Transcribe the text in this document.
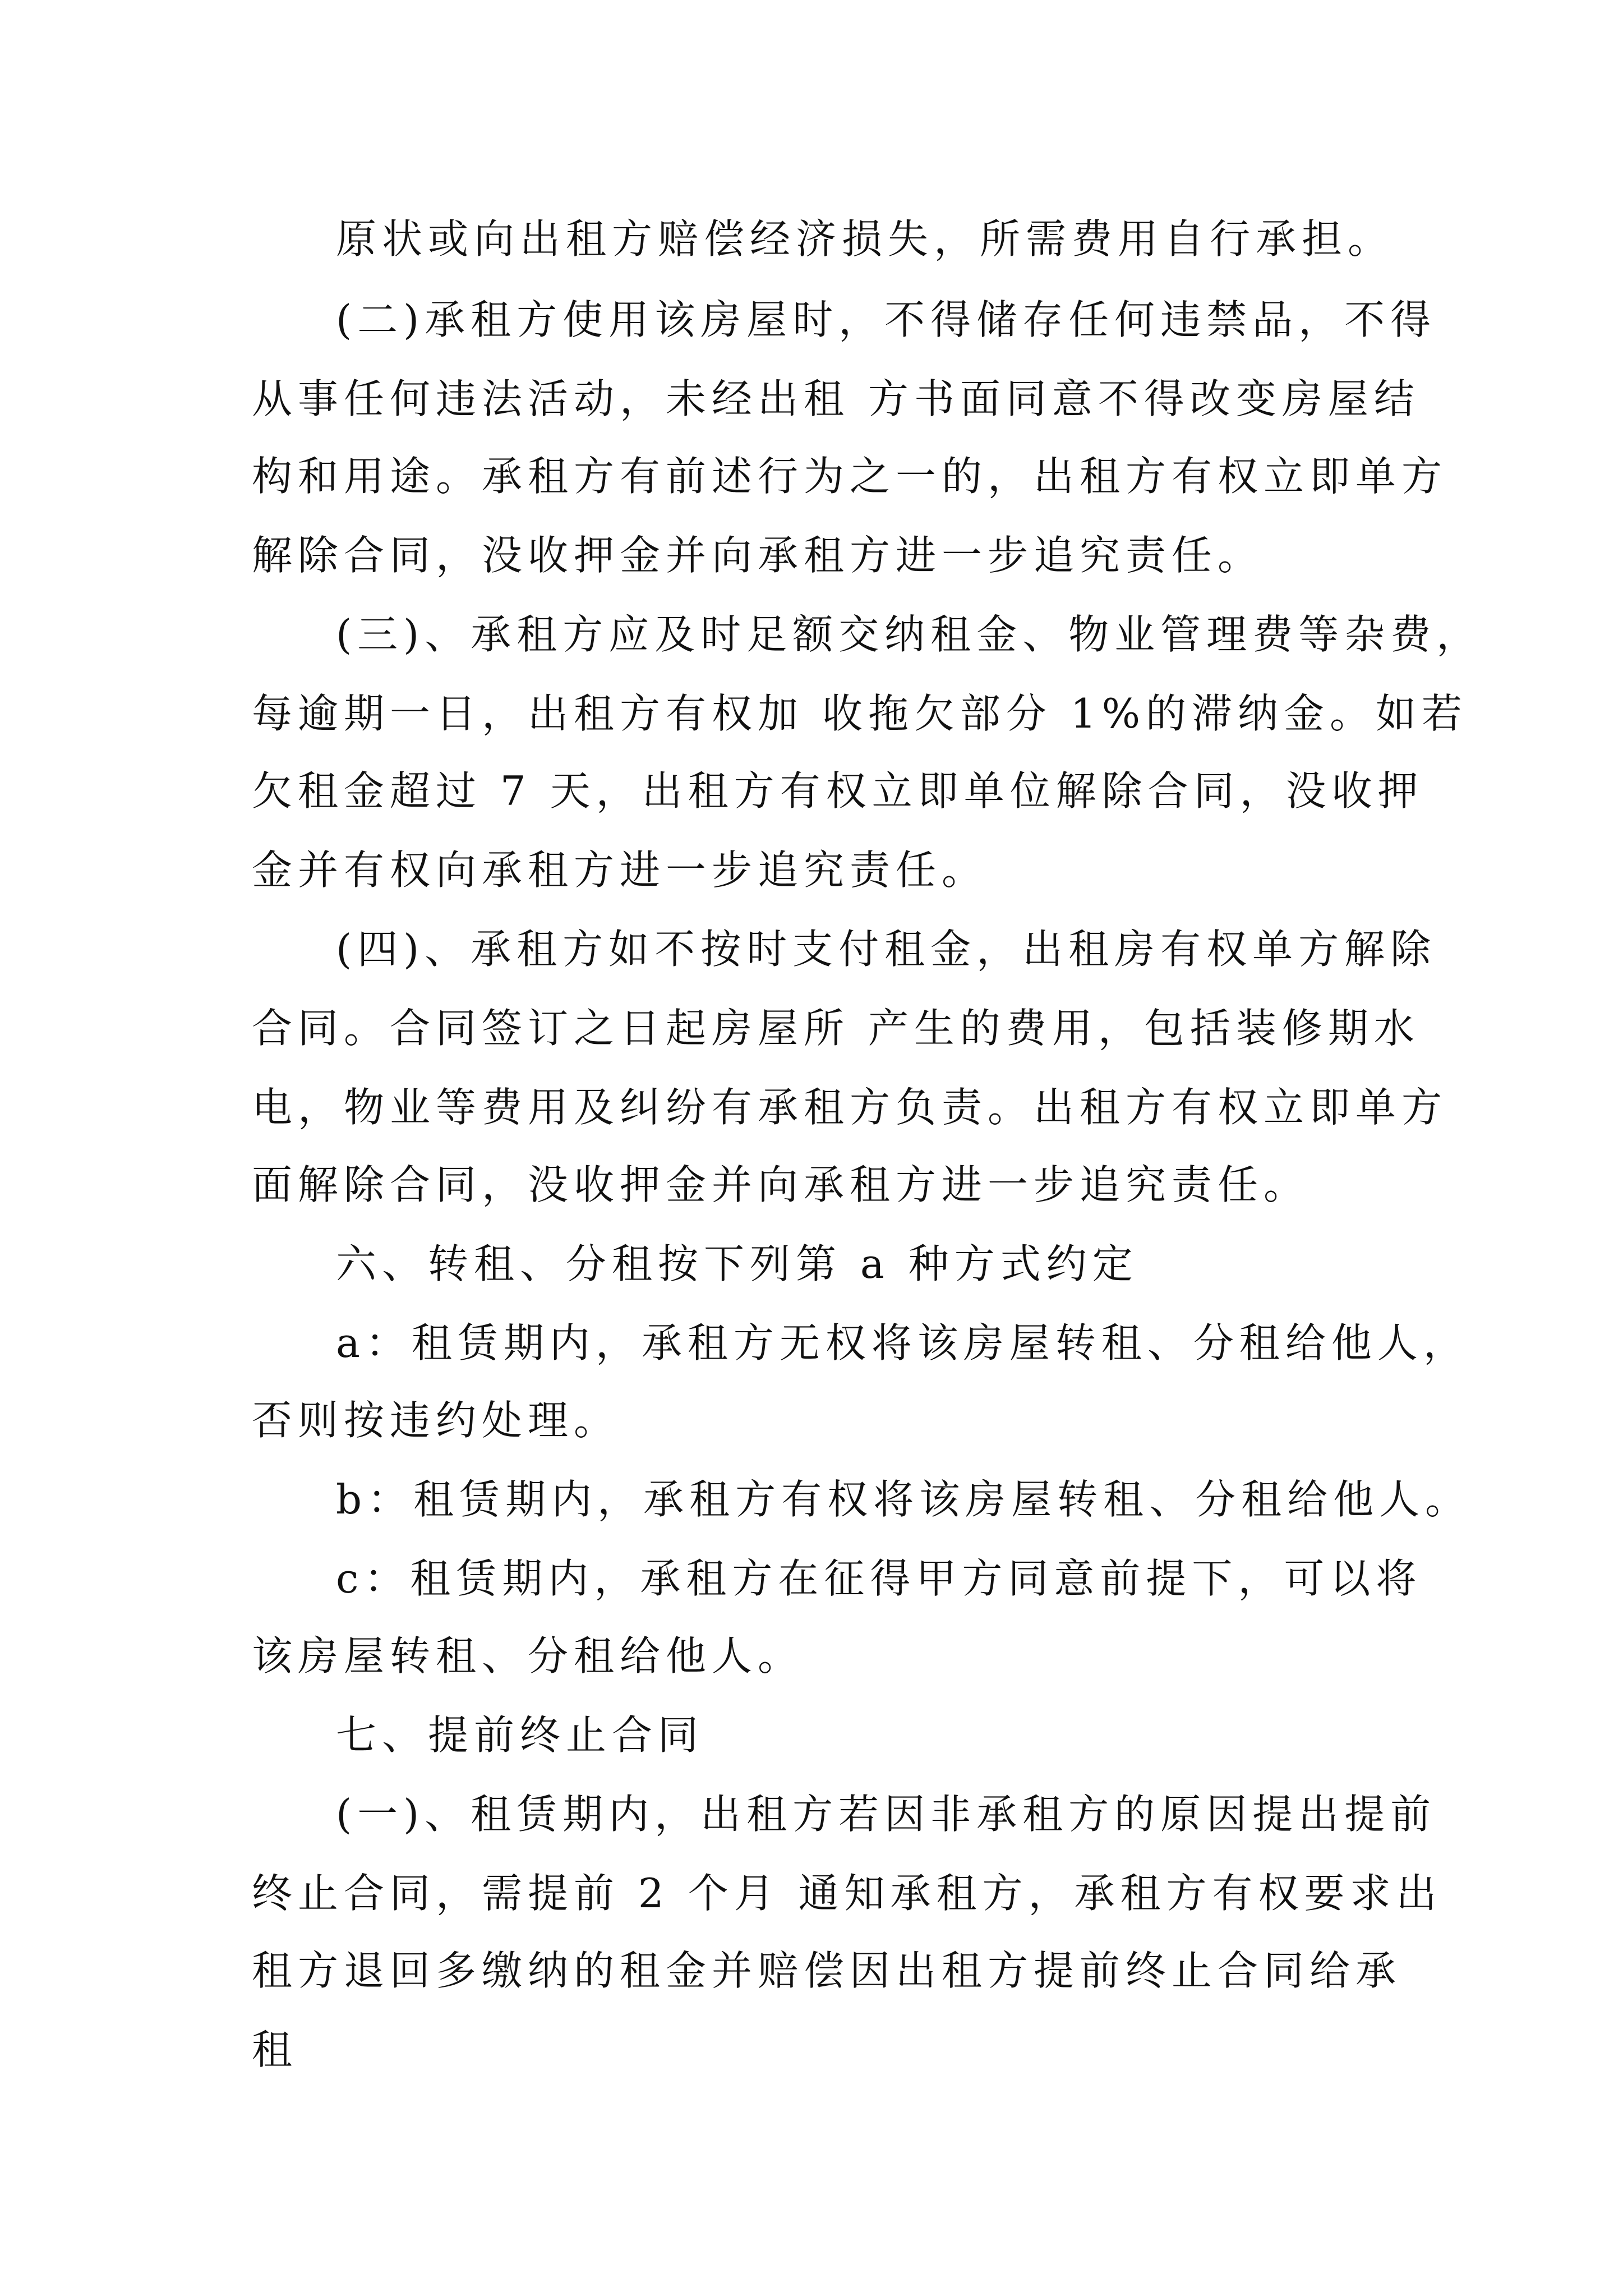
原状或向出租方赔偿经济损失，所需费用自行承担。

(二)承租方使用该房屋时，不得储存任何违禁品，不得

从事任何违法活动，未经出租 方书面同意不得改变房屋结

构和用途。承租方有前述行为之一的，出租方有权立即单方

解除合同，没收押金并向承租方进一步追究责任。

(三)、承租方应及时足额交纳租金、物业管理费等杂费，

每逾期一日，出租方有权加 收拖欠部分 1%的滞纳金。如若

欠租金超过 7 天，出租方有权立即单位解除合同，没收押

金并有权向承租方进一步追究责任。

(四)、承租方如不按时支付租金，出租房有权单方解除

合同。合同签订之日起房屋所 产生的费用，包括装修期水

电，物业等费用及纠纷有承租方负责。出租方有权立即单方

面解除合同，没收押金并向承租方进一步追究责任。

六、转租、分租按下列第 a 种方式约定

a：租赁期内，承租方无权将该房屋转租、分租给他人，

否则按违约处理。

b：租赁期内，承租方有权将该房屋转租、分租给他人。

c：租赁期内，承租方在征得甲方同意前提下，可以将

该房屋转租、分租给他人。

七、提前终止合同

(一)、租赁期内，出租方若因非承租方的原因提出提前

终止合同，需提前 2 个月 通知承租方，承租方有权要求出

租方退回多缴纳的租金并赔偿因出租方提前终止合同给承

租
